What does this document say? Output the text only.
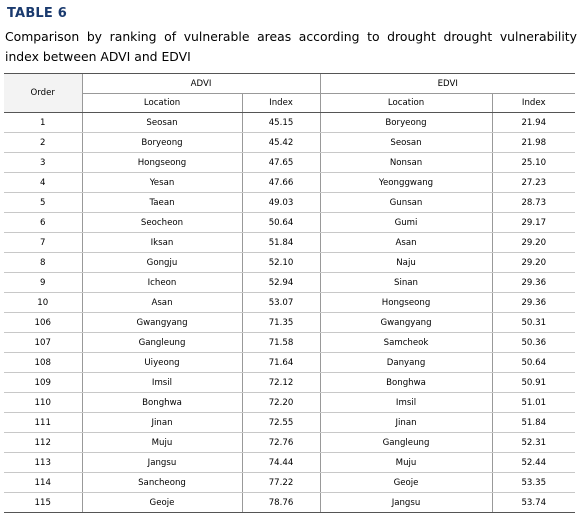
TABLE 6
Comparison by ranking of vulnerable areas according to drought drought vulnerability index between ADVI and EDVI
Order	ADVI		EDVI	
	Location	Index	Location	Index
1	Seosan	45.15	Boryeong	21.94
2	Boryeong	45.42	Seosan	21.98
3	Hongseong	47.65	Nonsan	25.10
4	Yesan	47.66	Yeonggwang	27.23
5	Taean	49.03	Gunsan	28.73
6	Seocheon	50.64	Gumi	29.17
7	Iksan	51.84	Asan	29.20
8	Gongju	52.10	Naju	29.20
9	Icheon	52.94	Sinan	29.36
10	Asan	53.07	Hongseong	29.36
106	Gwangyang	71.35	Gwangyang	50.31
107	Gangleung	71.58	Samcheok	50.36
108	Uiyeong	71.64	Danyang	50.64
109	Imsil	72.12	Bonghwa	50.91
110	Bonghwa	72.20	Imsil	51.01
111	Jinan	72.55	Jinan	51.84
112	Muju	72.76	Gangleung	52.31
113	Jangsu	74.44	Muju	52.44
114	Sancheong	77.22	Geoje	53.35
115	Geoje	78.76	Jangsu	53.74
